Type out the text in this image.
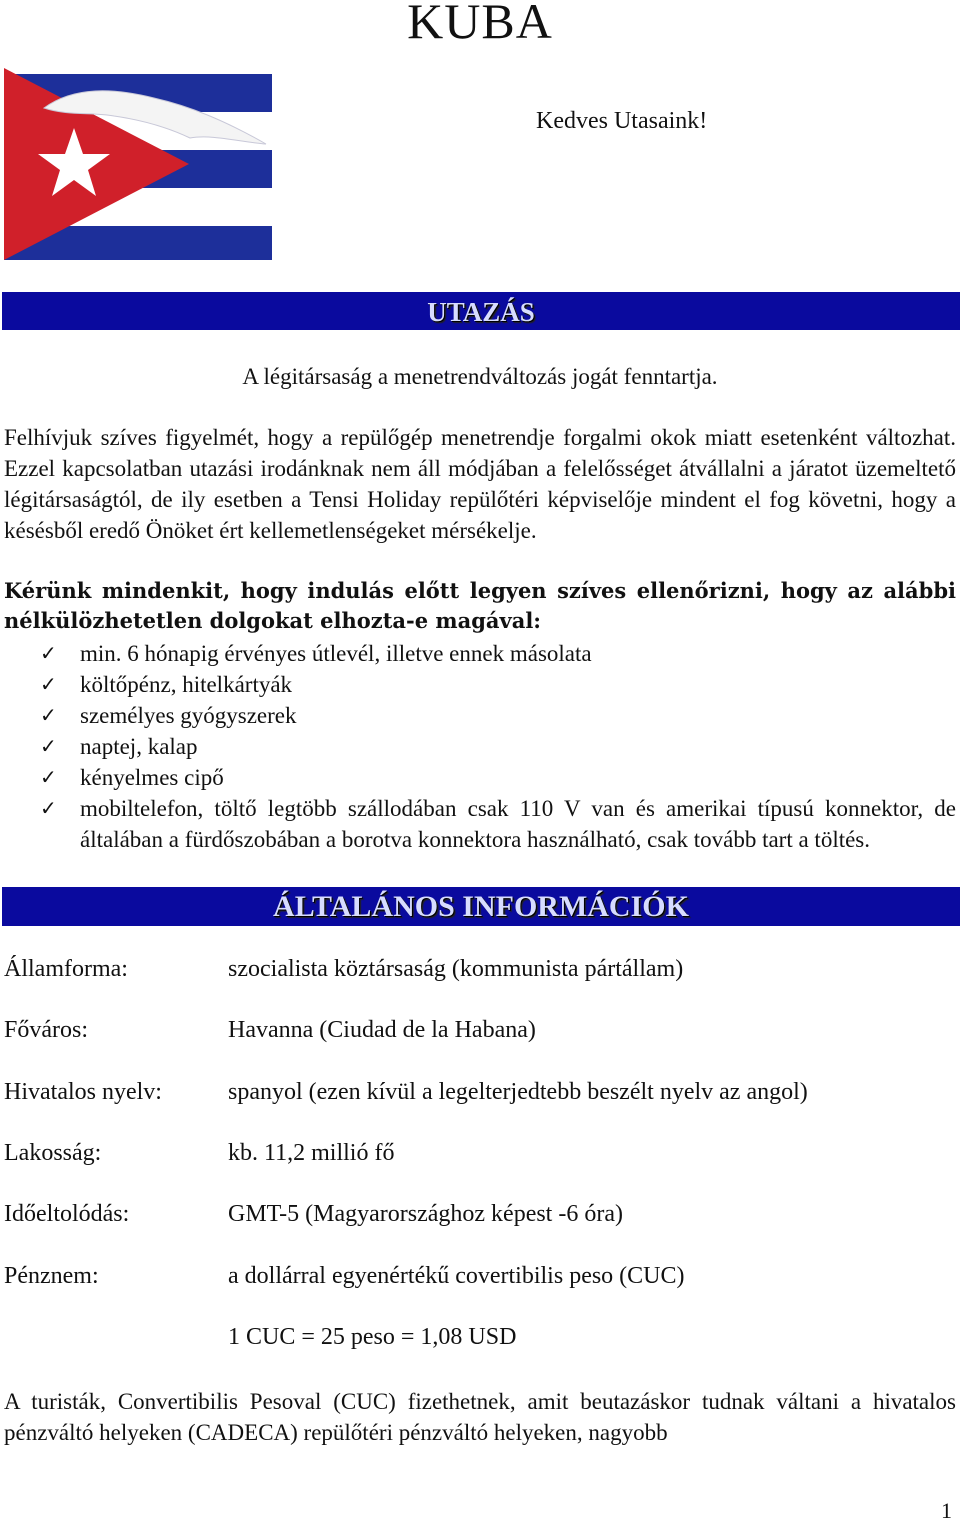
KUBA
Kedves Utasaink!
UTAZÁS
A légitársaság a menetrendváltozás jogát fenntartja.
Felhívjuk szíves figyelmét, hogy a repülőgép menetrendje forgalmi okok miatt esetenként változhat. Ezzel kapcsolatban utazási irodánknak nem áll módjában a felelősséget átvállalni a járatot üzemeltető légitársaságtól, de ily esetben a Tensi Holiday repülőtéri képviselője mindent el fog követni, hogy a késésből eredő Önöket ért kellemetlenségeket mérsékelje.
Kérünk mindenkit, hogy indulás előtt legyen szíves ellenőrizni, hogy az alábbi nélkülözhetetlen dolgokat elhozta-e magával:
✓ min. 6 hónapig érvényes útlevél, illetve ennek másolata
✓ költőpénz, hitelkártyák
✓ személyes gyógyszerek
✓ naptej, kalap
✓ kényelmes cipő
✓ mobiltelefon, töltő legtöbb szállodában csak 110 V van és amerikai típusú konnektor, de általában a fürdőszobában a borotva konnektora használható, csak tovább tart a töltés.
ÁLTALÁNOS INFORMÁCIÓK
Államforma:	szocialista köztársaság (kommunista pártállam)
Főváros:	Havanna (Ciudad de la Habana)
Hivatalos nyelv:	spanyol (ezen kívül a legelterjedtebb beszélt nyelv az angol)
Lakosság:	kb. 11,2 millió fő
Időeltolódás:	GMT-5 (Magyarországhoz képest -6 óra)
Pénznem:	a dollárral egyenértékű covertibilis peso (CUC)
1 CUC = 25 peso = 1,08 USD
A turisták, Convertibilis Pesoval (CUC) fizethetnek, amit beutazáskor tudnak váltani a hivatalos pénzváltó helyeken (CADECA) repülőtéri pénzváltó helyeken, nagyobb
1
